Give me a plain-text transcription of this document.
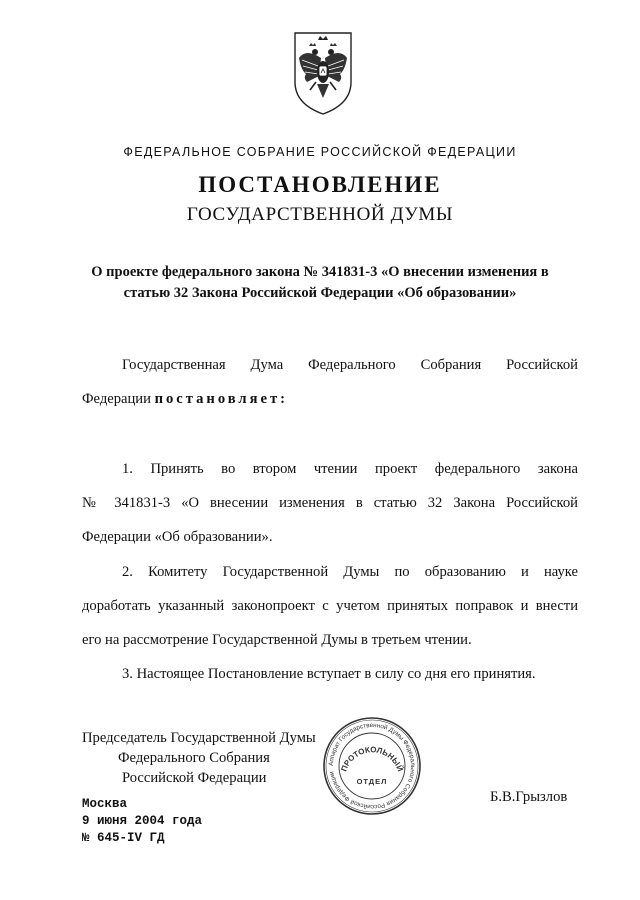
ФЕДЕРАЛЬНОЕ СОБРАНИЕ РОССИЙСКОЙ ФЕДЕРАЦИИ
ПОСТАНОВЛЕНИЕ
ГОСУДАРСТВЕННОЙ ДУМЫ
О проекте федерального закона № 341831-3 «О внесении изменения в
статью 32 Закона Российской Федерации «Об образовании»
Государственная Дума Федерального Собрания Российской
Федерации постановляет:
1. Принять во втором чтении проект федерального закона
№ 341831-3 «О внесении изменения в статью 32 Закона Российской
Федерации «Об образовании».
2. Комитету Государственной Думы по образованию и науке
доработать указанный законопроект с учетом принятых поправок и внести
его на рассмотрение Государственной Думы в третьем чтении.
3. Настоящее Постановление вступает в силу со дня его принятия.
Председатель Государственной Думы
Федерального Собрания
Российской Федерации
Аппарат Государственной Думы Федерального Собрания Российской Федерации
ПРОТОКОЛЬНЫЙ
ОТДЕЛ
Б.В.Грызлов
Москва
9 июня 2004 года
№ 645-IV ГД
